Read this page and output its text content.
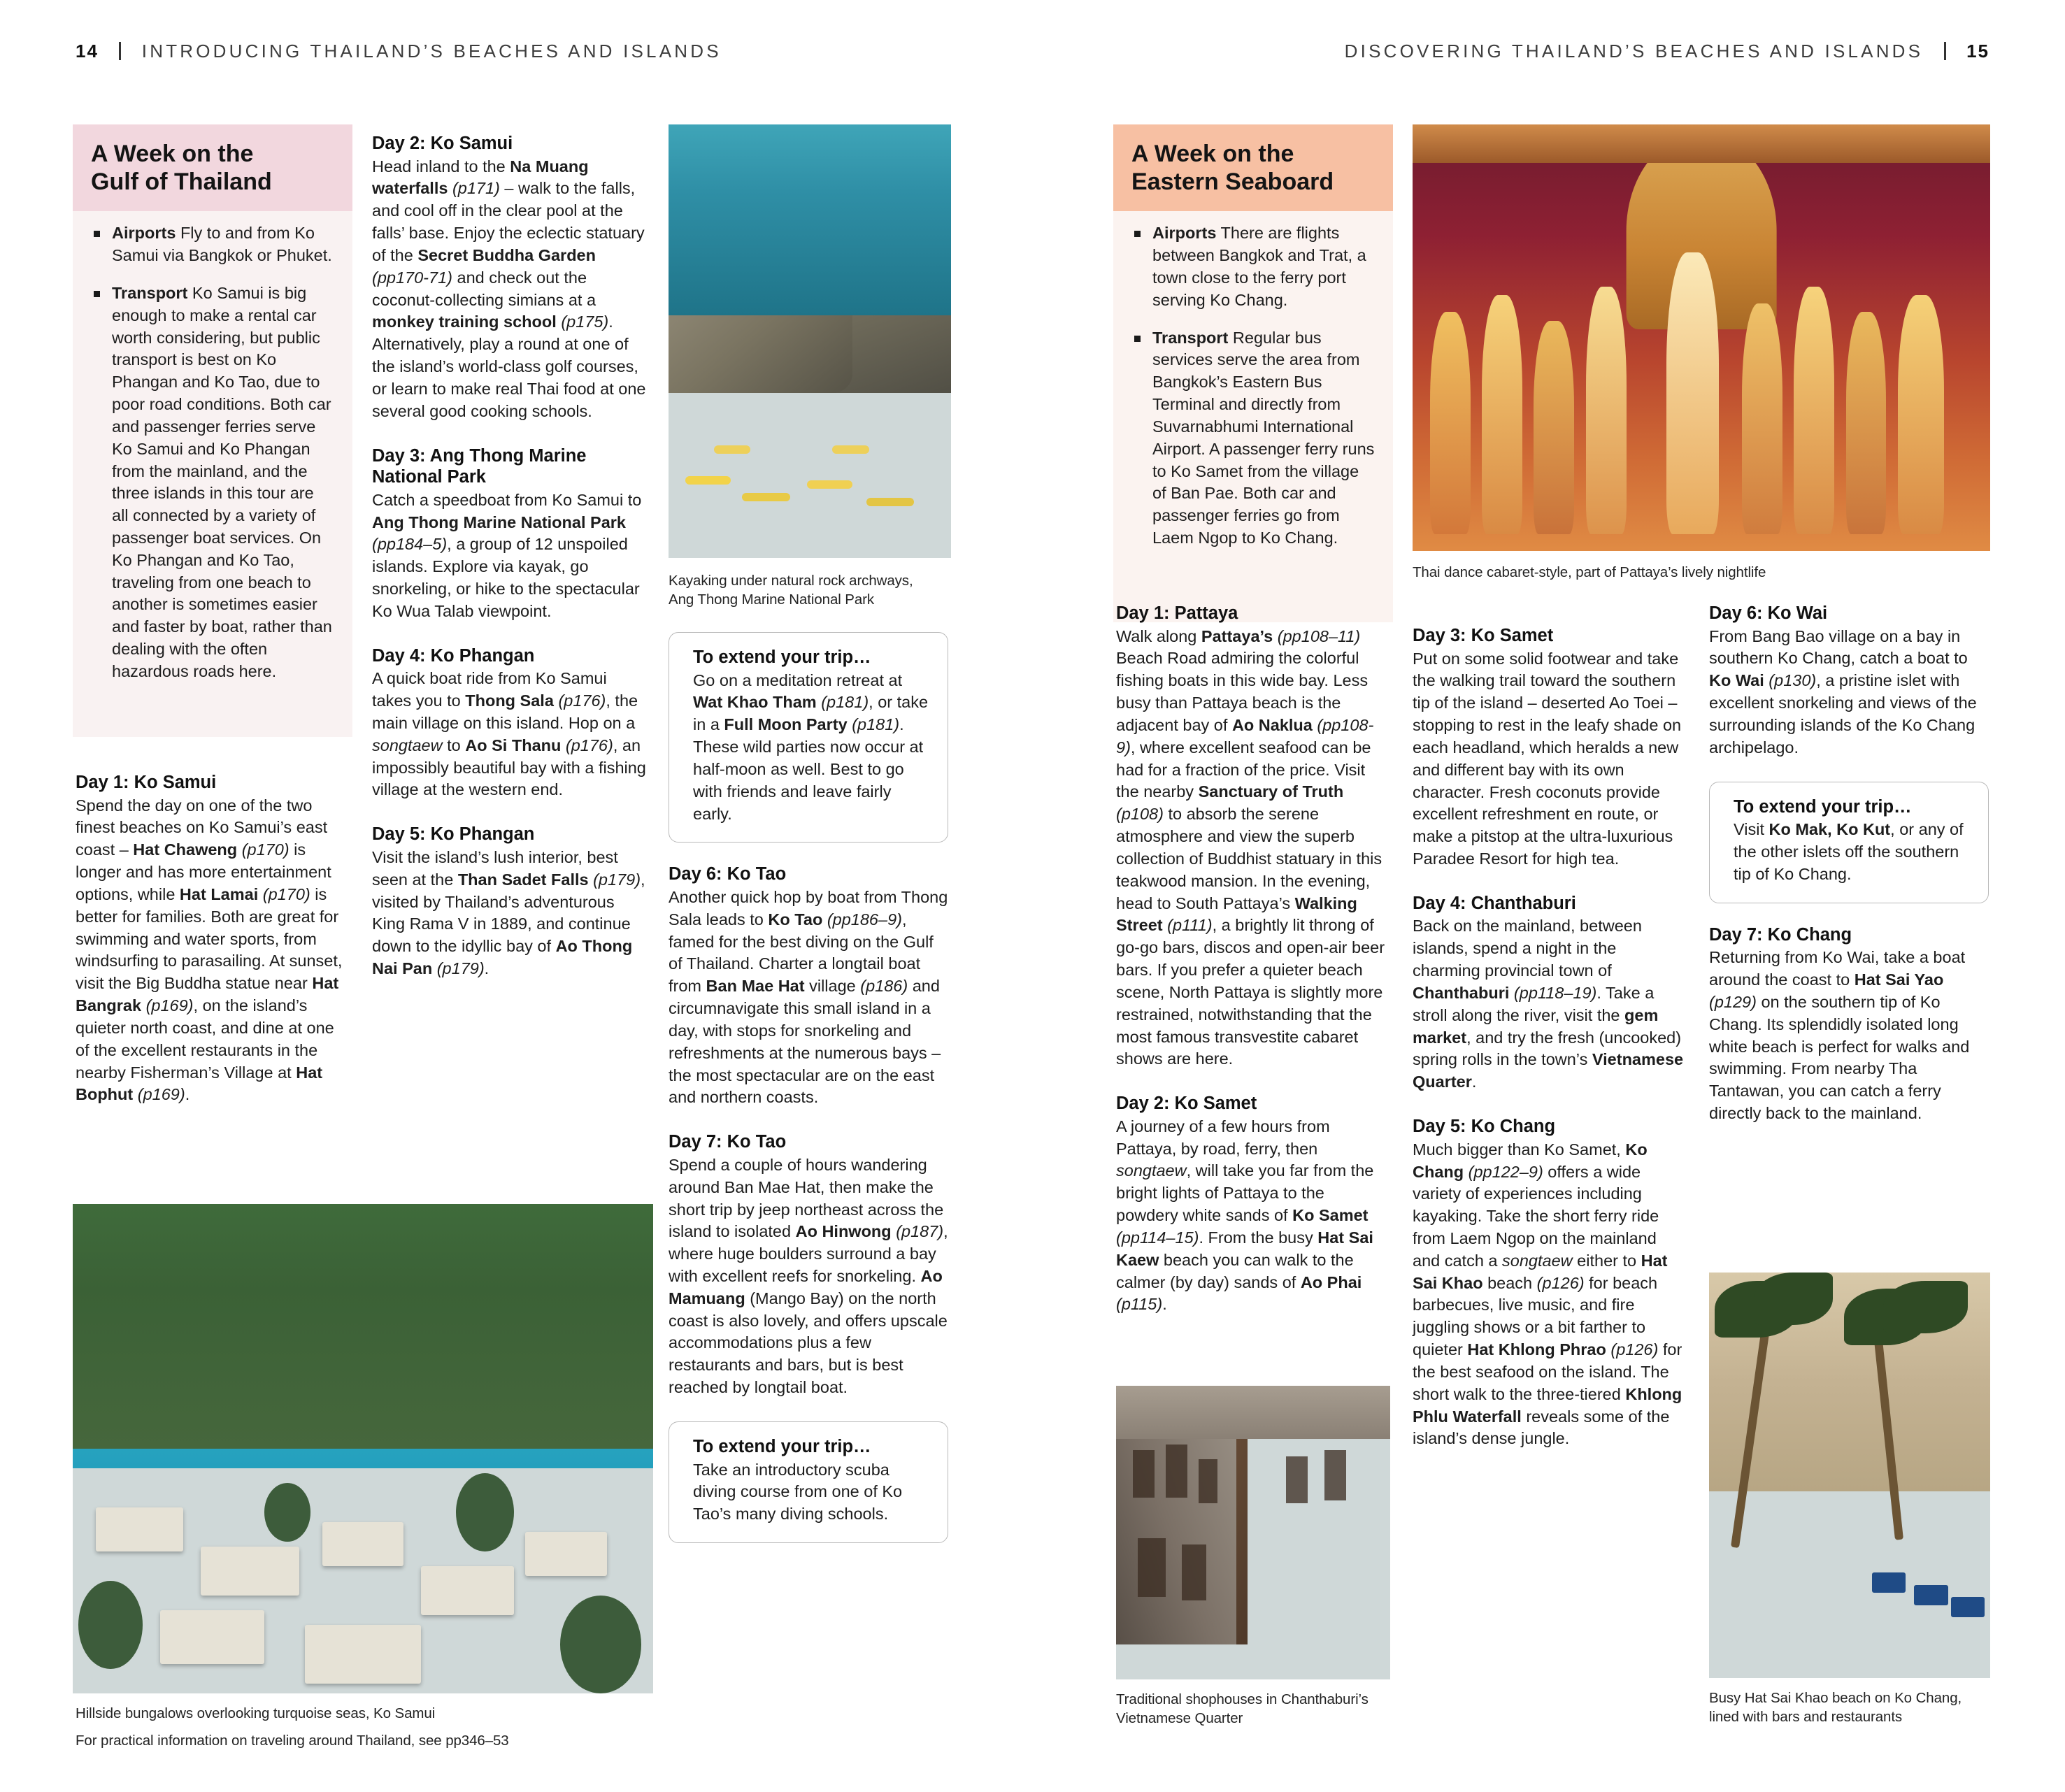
14 INTRODUCING THAILAND’S BEACHES AND ISLANDS	DISCOVERING THAILAND’S BEACHES AND ISLANDS 15
A Week on the
Gulf of Thailand
Airports Fly to and from Ko Samui via Bangkok or Phuket.
Transport Ko Samui is big enough to make a rental car worth considering, but public transport is best on Ko Phangan and Ko Tao, due to poor road conditions. Both car and passenger ferries serve Ko Samui and Ko Phangan from the mainland, and the three islands in this tour are all connected by a variety of passenger boat services. On Ko Phangan and Ko Tao, traveling from one beach to another is sometimes easier and faster by boat, rather than dealing with the often hazardous roads here.
A Week on the
Eastern Seaboard
Airports There are flights between Bangkok and Trat, a town close to the ferry port serving Ko Chang.
Transport Regular bus services serve the area from Bangkok’s Eastern Bus Terminal and directly from Suvarnabhumi International Airport. A passenger ferry runs to Ko Samet from the village of Ban Pae. Both car and passenger ferries go from Laem Ngop to Ko Chang.
Day 1: Ko Samui
Spend the day on one of the two finest beaches on Ko Samui’s east coast – Hat Chaweng (p170) is longer and has more entertainment options, while Hat Lamai (p170) is better for families. Both are great for swimming and water sports, from windsurfing to parasailing. At sunset, visit the Big Buddha statue near Hat Bangrak (p169), on the island’s quieter north coast, and dine at one of the excellent restaurants in the nearby Fisherman’s Village at Hat Bophut (p169).
Day 2: Ko Samui
Head inland to the Na Muang waterfalls (p171) – walk to the falls, and cool off in the clear pool at the falls’ base. Enjoy the eclectic statuary of the Secret Buddha Garden (pp170-71) and check out the coconut-collecting simians at a monkey training school (p175). Alternatively, play a round at one of the island’s world-class golf courses, or learn to make real Thai food at one several good cooking schools.
Day 3: Ang Thong Marine National Park
Catch a speedboat from Ko Samui to Ang Thong Marine National Park (pp184–5), a group of 12 unspoiled islands. Explore via kayak, go snorkeling, or hike to the spectacular Ko Wua Talab viewpoint.
Day 4: Ko Phangan
A quick boat ride from Ko Samui takes you to Thong Sala (p176), the main village on this island. Hop on a songtaew to Ao Si Thanu (p176), an impossibly beautiful bay with a fishing village at the western end.
Day 5: Ko Phangan
Visit the island’s lush interior, best seen at the Than Sadet Falls (p179), visited by Thailand’s adventurous King Rama V in 1889, and continue down to the idyllic bay of Ao Thong Nai Pan (p179).
Kayaking under natural rock archways,
Ang Thong Marine National Park
To extend your trip…
Go on a meditation retreat at Wat Khao Tham (p181), or take in a Full Moon Party (p181). These wild parties now occur at half-moon as well. Best to go with friends and leave fairly early.
Day 6: Ko Tao
Another quick hop by boat from Thong Sala leads to Ko Tao (pp186–9), famed for the best diving on the Gulf of Thailand. Charter a longtail boat from Ban Mae Hat village (p186) and circumnavigate this small island in a day, with stops for snorkeling and refreshments at the numerous bays – the most spectacular are on the east and northern coasts.
Day 7: Ko Tao
Spend a couple of hours wandering around Ban Mae Hat, then make the short trip by jeep northeast across the island to isolated Ao Hinwong (p187), where huge boulders surround a bay with excellent reefs for snorkeling. Ao Mamuang (Mango Bay) on the north coast is also lovely, and offers upscale accommodations plus a few restaurants and bars, but is best reached by longtail boat.
To extend your trip…
Take an introductory scuba diving course from one of Ko Tao’s many diving schools.
Hillside bungalows overlooking turquoise seas, Ko Samui
For practical information on traveling around Thailand, see pp346–53
Thai dance cabaret-style, part of Pattaya’s lively nightlife
Day 1: Pattaya
Walk along Pattaya’s (pp108–11) Beach Road admiring the colorful fishing boats in this wide bay. Less busy than Pattaya beach is the adjacent bay of Ao Naklua (pp108-9), where excellent seafood can be had for a fraction of the price. Visit the nearby Sanctuary of Truth (p108) to absorb the serene atmosphere and view the superb collection of Buddhist statuary in this teakwood mansion. In the evening, head to South Pattaya’s Walking Street (p111), a brightly lit throng of go-go bars, discos and open-air beer bars. If you prefer a quieter beach scene, North Pattaya is slightly more restrained, notwithstanding that the most famous transvestite cabaret shows are here.
Day 2: Ko Samet
A journey of a few hours from Pattaya, by road, ferry, then songtaew, will take you far from the bright lights of Pattaya to the powdery white sands of Ko Samet (pp114–15). From the busy Hat Sai Kaew beach you can walk to the calmer (by day) sands of Ao Phai (p115).
Traditional shophouses in Chanthaburi’s
Vietnamese Quarter
Day 3: Ko Samet
Put on some solid footwear and take the walking trail toward the southern tip of the island – deserted Ao Toei – stopping to rest in the leafy shade on each headland, which heralds a new and different bay with its own character. Fresh coconuts provide excellent refreshment en route, or make a pitstop at the ultra-luxurious Paradee Resort for high tea.
Day 4: Chanthaburi
Back on the mainland, between islands, spend a night in the charming provincial town of Chanthaburi (pp118–19). Take a stroll along the river, visit the gem market, and try the fresh (uncooked) spring rolls in the town’s Vietnamese Quarter.
Day 5: Ko Chang
Much bigger than Ko Samet, Ko Chang (pp122–9) offers a wide variety of experiences including kayaking. Take the short ferry ride from Laem Ngop on the mainland and catch a songtaew either to Hat Sai Khao beach (p126) for beach barbecues, live music, and fire juggling shows or a bit farther to quieter Hat Khlong Phrao (p126) for the best seafood on the island. The short walk to the three-tiered Khlong Phlu Waterfall reveals some of the island’s dense jungle.
Day 6: Ko Wai
From Bang Bao village on a bay in southern Ko Chang, catch a boat to Ko Wai (p130), a pristine islet with excellent snorkeling and views of the surrounding islands of the Ko Chang archipelago.
To extend your trip…
Visit Ko Mak, Ko Kut, or any of the other islets off the southern tip of Ko Chang.
Day 7: Ko Chang
Returning from Ko Wai, take a boat around the coast to Hat Sai Yao (p129) on the southern tip of Ko Chang. Its splendidly isolated long white beach is perfect for walks and swimming. From nearby Tha Tantawan, you can catch a ferry directly back to the mainland.
Busy Hat Sai Khao beach on Ko Chang,
lined with bars and restaurants
